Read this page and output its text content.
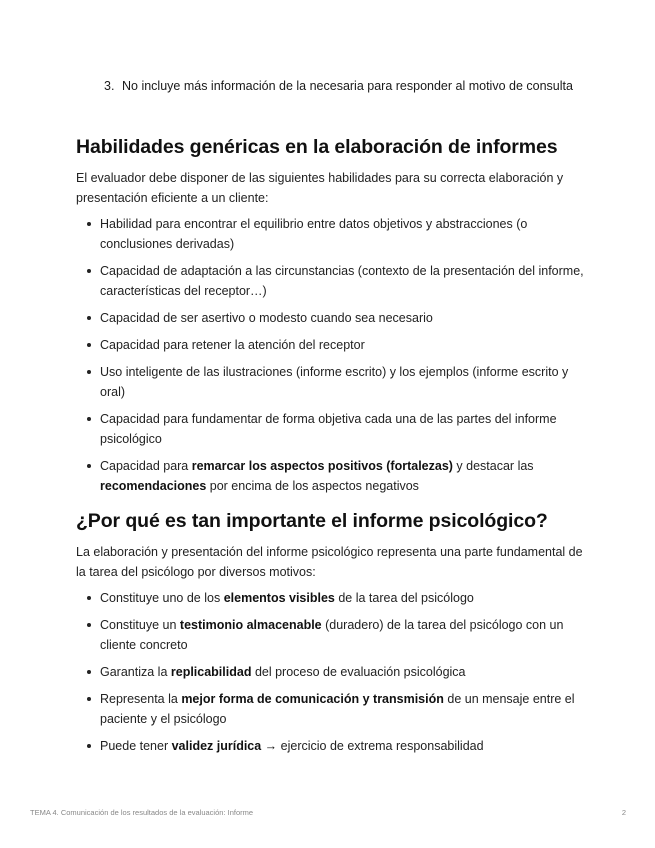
3. No incluye más información de la necesaria para responder al motivo de consulta
Habilidades genéricas en la elaboración de informes

El evaluador debe disponer de las siguientes habilidades para su correcta elaboración y presentación eficiente a un cliente:

Habilidad para encontrar el equilibrio entre datos objetivos y abstracciones (o conclusiones derivadas)
Capacidad de adaptación a las circunstancias (contexto de la presentación del informe, características del receptor…)
Capacidad de ser asertivo o modesto cuando sea necesario
Capacidad para retener la atención del receptor
Uso inteligente de las ilustraciones (informe escrito) y los ejemplos (informe escrito y oral)
Capacidad para fundamentar de forma objetiva cada una de las partes del informe psicológico
Capacidad para remarcar los aspectos positivos (fortalezas) y destacar las recomendaciones por encima de los aspectos negativos
¿Por qué es tan importante el informe psicológico?

La elaboración y presentación del informe psicológico representa una parte fundamental de la tarea del psicólogo por diversos motivos:

Constituye uno de los elementos visibles de la tarea del psicólogo
Constituye un testimonio almacenable (duradero) de la tarea del psicólogo con un cliente concreto
Garantiza la replicabilidad del proceso de evaluación psicológica
Representa la mejor forma de comunicación y transmisión de un mensaje entre el paciente y el psicólogo
Puede tener validez jurídica → ejercicio de extrema responsabilidad
TEMA 4. Comunicación de los resultados de la evaluación: Informe	2
